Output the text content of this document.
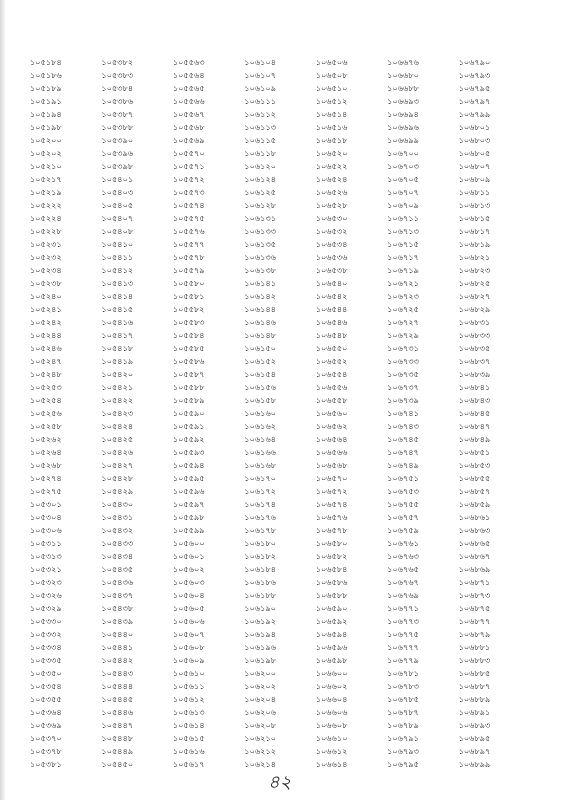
১০৫১৮৪	১০৫৩৮২	১০৫৫৬৩	১০৬১০৪	১০৬৫০৬	১০৬৬৭৬	১০৬৭৯০
১০৫১৮৬	১০৫৩৮৩	১০৫৫৬৪	১০৬১০৭	১০৬৫০৮	১০৬৬৮০	১০৬৭৯৩
১০৫১৮৯	১০৫৩৮৪	১০৫৫৬৫	১০৬১০৯	১০৬৫১০	১০৬৬৮৮	১০৬৭৯৫
১০৫১৯১	১০৫৩৮৬	১০৫৫৬৬	১০৬১১১	১০৬৫১২	১০৬৬৯৩	১০৬৭৯৭
১০৫১৯৪	১০৫৩৮৭	১০৫৫৬৭	১০৬১১২	১০৬৫১৪	১০৬৬৯৪	১০৬৭৯৯
১০৫১৯৮	১০৫৩৮৮	১০৫৫৬৮	১০৬১১৩	১০৬৫১৬	১০৬৬৯৬	১০৬৮০১
১০৫২০০	১০৫৩৯০	১০৫৫৬৯	১০৬১১৫	১০৬৫১৮	১০৬৬৯৯	১০৬৮০৩
১০৫২০২	১০৫৩৯৬	১০৫৫৭০	১০৬১১৮	১০৬৫২০	১০৬৭০০	১০৬৮০৫
১০৫২১০	১০৫৩৯৮	১০৫৫৭১	১০৬১২০	১০৬৫২২	১০৬৭০৩	১০৬৮০৭
১০৫২১৭	১০৫৪০১	১০৫৫৭২	১০৬১২৪	১০৬৫২৪	১০৬৭০৫	১০৬৮০৯
১০৫২১৯	১০৫৪০৩	১০৫৫৭৩	১০৬১২৫	১০৬৫২৬	১০৬৭০৭	১০৬৮১১
১০৫২২২	১০৫৪০৫	১০৫৫৭৪	১০৬১২৮	১০৬৫২৮	১০৬৭০৯	১০৬৮১৩
১০৫২২৪	১০৫৪০৭	১০৫৫৭৫	১০৬১৩১	১০৬৫৩০	১০৬৭১১	১০৬৮১৫
১০৫২২৮	১০৫৪০৮	১০৫৫৭৬	১০৬১৩৩	১০৬৫৩২	১০৬৭১৩	১০৬৮১৭
১০৫২৩১	১০৫৪১০	১০৫৫৭৭	১০৬১৩৫	১০৬৫৩৪	১০৬৭১৫	১০৬৮১৯
১০৫২৩২	১০৫৪১১	১০৫৫৭৮	১০৬১৩৬	১০৬৫৩৬	১০৬৭১৭	১০৬৮২১
১০৫২৩৪	১০৫৪১২	১০৫৫৭৯	১০৬১৩৮	১০৬৫৩৮	১০৬৭১৯	১০৬৮২৩
১০৫২৩৮	১০৫৪১৩	১০৫৫৮০	১০৬১৪১	১০৬৫৪০	১০৬৭২১	১০৬৮২৫
১০৫২৪০	১০৫৪১৪	১০৫৫৮১	১০৬১৪২	১০৬৫৪২	১০৬৭২৩	১০৬৮২৭
১০৫২৪১	১০৫৪১৫	১০৫৫৮২	১০৬১৪৪	১০৬৫৪৪	১০৬৭২৫	১০৬৮২৯
১০৫২৪২	১০৫৪১৬	১০৫৫৮৩	১০৬১৪৬	১০৬৫৪৬	১০৬৭২৭	১০৬৮৩১
১০৫২৪৪	১০৫৪১৭	১০৫৫৮৪	১০৬১৪৮	১০৬৫৪৮	১০৬৭২৯	১০৬৮৩৩
১০৫২৪৬	১০৫৪১৮	১০৫৫৮৫	১০৬১৫০	১০৬৫৫০	১০৬৭৩১	১০৬৮৩৫
১০৫২৪৭	১০৫৪১৯	১০৫৫৮৬	১০৬১৫২	১০৬৫৫২	১০৬৭৩৩	১০৬৮৩৭
১০৫২৪৮	১০৫৪২০	১০৫৫৮৭	১০৬১৫৪	১০৬৫৫৪	১০৬৭৩৫	১০৬৮৩৯
১০৫২৫৩	১০৫৪২১	১০৫৫৮৮	১০৬১৫৬	১০৬৫৫৬	১০৬৭৩৭	১০৬৮৪১
১০৫২৫৪	১০৫৪২২	১০৫৫৮৯	১০৬১৫৮	১০৬৫৫৮	১০৬৭৩৯	১০৬৮৪৩
১০৫২৫৬	১০৫৪২৩	১০৫৫৯০	১০৬১৬০	১০৬৫৬০	১০৬৭৪১	১০৬৮৪৫
১০৫২৫৮	১০৫৪২৪	১০৫৫৯১	১০৬১৬২	১০৬৫৬২	১০৬৭৪৩	১০৬৮৪৭
১০৫২৬২	১০৫৪২৫	১০৫৫৯২	১০৬১৬৪	১০৬৫৬৪	১০৬৭৪৫	১০৬৮৪৯
১০৫২৬৪	১০৫৪২৬	১০৫৫৯৩	১০৬১৬৬	১০৬৫৬৬	১০৬৭৪৭	১০৬৮৫১
১০৫২৬৮	১০৫৪২৭	১০৫৫৯৪	১০৬১৬৮	১০৬৫৬৮	১০৬৭৪৯	১০৬৮৫৩
১০৫২৭৪	১০৫৪২৮	১০৫৫৯৫	১০৬১৭০	১০৬৫৭০	১০৬৭৫১	১০৬৮৫৫
১০৫২৭৫	১০৫৪২৯	১০৫৫৯৬	১০৬১৭২	১০৬৫৭২	১০৬৭৫৩	১০৬৮৫৭
১০৫৩০১	১০৫৪৩০	১০৫৫৯৭	১০৬১৭৪	১০৬৫৭৪	১০৬৭৫৫	১০৬৮৫৯
১০৫৩০৪	১০৫৪৩১	১০৫৫৯৮	১০৬১৭৬	১০৬৫৭৬	১০৬৭৫৭	১০৬৮৬১
১০৫৩০৬	১০৫৪৩২	১০৫৫৯৯	১০৬১৭৮	১০৬৫৭৮	১০৬৭৫৯	১০৬৮৬৩
১০৫৩১১	১০৫৪৩৩	১০৫৬০০	১০৬১৮০	১০৬৫৮০	১০৬৭৬১	১০৬৮৬৫
১০৫৩১৩	১০৫৪৩৪	১০৫৬০১	১০৬১৮২	১০৬৫৮২	১০৬৭৬৩	১০৬৮৬৭
১০৫৩২১	১০৫৪৩৫	১০৫৬০২	১০৬১৮৪	১০৬৫৮৪	১০৬৭৬৫	১০৬৮৬৯
১০৫৩২৩	১০৫৪৩৬	১০৫৬০৩	১০৬১৮৬	১০৬৫৮৬	১০৬৭৬৭	১০৬৮৭১
১০৫৩২৬	১০৫৪৩৭	১০৫৬০৪	১০৬১৮৮	১০৬৫৮৮	১০৬৭৬৯	১০৬৮৭৩
১০৫৩২৯	১০৫৪৩৮	১০৫৬০৫	১০৬১৯০	১০৬৫৯০	১০৬৭৭১	১০৬৮৭৫
১০৫৩৩০	১০৫৪৩৯	১০৫৬০৬	১০৬১৯২	১০৬৫৯২	১০৬৭৭৩	১০৬৮৭৭
১০৫৩৩২	১০৫৪৪০	১০৫৬০৭	১০৬১৯৪	১০৬৫৯৪	১০৬৭৭৫	১০৬৮৭৯
১০৫৩৩৪	১০৫৪৪১	১০৫৬০৮	১০৬১৯৬	১০৬৫৯৬	১০৬৭৭৭	১০৬৮৮১
১০৫৩৩৫	১০৫৪৪২	১০৫৬০৯	১০৬১৯৮	১০৬৫৯৮	১০৬৭৭৯	১০৬৮৮৩
১০৫৩৫০	১০৫৪৪৩	১০৫৬১০	১০৬২০০	১০৬৬০০	১০৬৭৮১	১০৬৮৮৫
১০৫৩৫৪	১০৫৪৪৪	১০৫৬১১	১০৬২০২	১০৬৬০২	১০৬৭৮৩	১০৬৮৮৭
১০৫৩৫৫	১০৫৪৪৫	১০৫৬১২	১০৬২০৪	১০৬৬০৪	১০৬৭৮৫	১০৬৮৮৯
১০৫৩৬৪	১০৫৪৪৬	১০৫৬১৩	১০৬২০৬	১০৬৬০৬	১০৬৭৮৭	১০৬৮৯১
১০৫৩৬৯	১০৫৪৪৭	১০৫৬১৪	১০৬২০৮	১০৬৬০৮	১০৬৭৮৯	১০৬৮৯৩
১০৫৩৭০	১০৫৪৪৮	১০৫৬১৫	১০৬২১০	১০৬৬১০	১০৬৭৯১	১০৬৮৯৫
১০৫৩৭৮	১০৫৪৪৯	১০৫৬১৬	১০৬২১২	১০৬৬১২	১০৬৭৯৩	১০৬৮৯৭
১০৫৩৮১	১০৫৪৫০	১০৫৬১৭	১০৬২১৪	১০৬৬১৪	১০৬৭৯৫	১০৬৮৯৯
৪২
